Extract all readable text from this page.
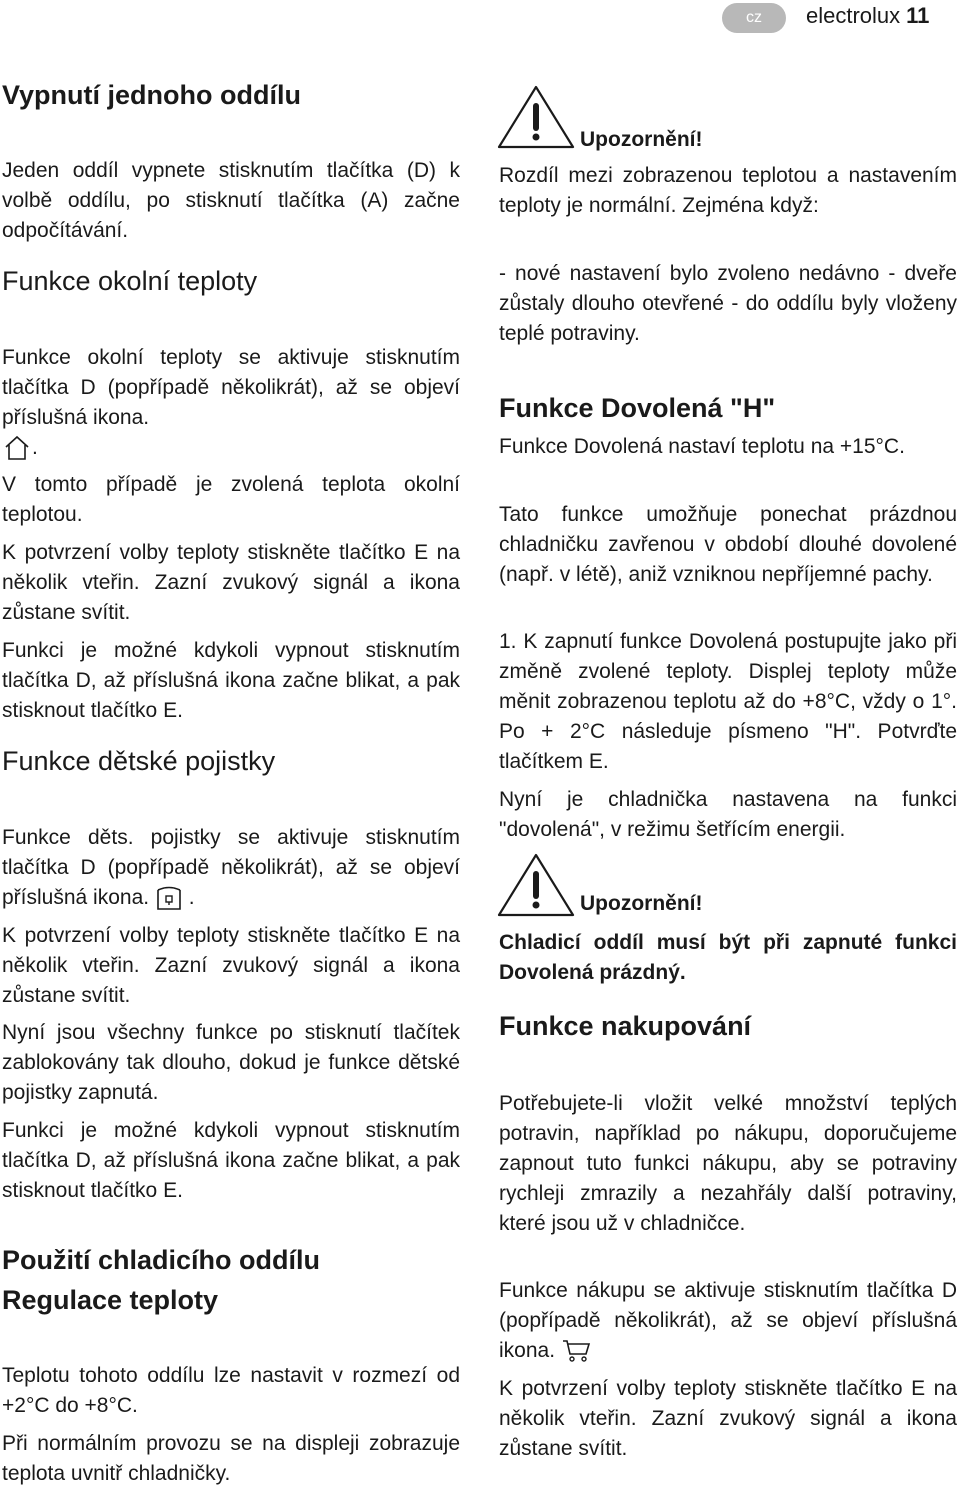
cz	electrolux 11
Vypnutí jednoho oddílu

Jeden oddíl vypnete stisknutím tlačítka (D) k volbě oddílu, po stisknutí tlačítka (A) začne odpočítávání.

Funkce okolní teploty

Funkce okolní teploty se aktivuje stisknutím tlačítka D (popřípadě několikrát), až se objeví příslušná ikona.
.

V tomto případě je zvolená teplota okolní teplotou.

K potvrzení volby teploty stiskněte tlačítko E na několik vteřin. Zazní zvukový signál a ikona zůstane svítit.

Funkci je možné kdykoli vypnout stisknutím tlačítka D, až příslušná ikona začne blikat, a pak stisknout tlačítko E.

Funkce dětské pojistky

Funkce děts. pojistky se aktivuje stisknutím tlačítka D (popřípadě několikrát), až se objeví příslušná ikona. .

K potvrzení volby teploty stiskněte tlačítko E na několik vteřin. Zazní zvukový signál a ikona zůstane svítit.

Nyní jsou všechny funkce po stisknutí tlačítek zablokovány tak dlouho, dokud je funkce dětské pojistky zapnutá.

Funkci je možné kdykoli vypnout stisknutím tlačítka D, až příslušná ikona začne blikat, a pak stisknout tlačítko E.

Použití chladicího oddílu
Regulace teploty

Teplotu tohoto oddílu lze nastavit v rozmezí od +2°C do +8°C.

Při normálním provozu se na displeji zobrazuje teplota uvnitř chladničky.

Upozornění!

Rozdíl mezi zobrazenou teplotou a nastavením teploty je normální. Zejména když:

- nové nastavení bylo zvoleno nedávno - dveře zůstaly dlouho otevřené - do oddílu byly vloženy teplé potraviny.

Funkce Dovolená "H"

Funkce Dovolená nastaví teplotu na +15°C.

Tato funkce umožňuje ponechat prázdnou chladničku zavřenou v období dlouhé dovolené (např. v létě), aniž vzniknou nepříjemné pachy.

1. K zapnutí funkce Dovolená postupujte jako při změně zvolené teploty. Displej teploty může měnit zobrazenou teplotu až do +8°C, vždy o 1°. Po + 2°C následuje písmeno "H". Potvrďte tlačítkem E.

Nyní je chladnička nastavena na funkci "dovolená", v režimu šetřícím energii.

Upozornění!

Chladicí oddíl musí být při zapnuté funkci Dovolená prázdný.

Funkce nakupování

Potřebujete-li vložit velké množství teplých potravin, například po nákupu, doporučujeme zapnout tuto funkci nákupu, aby se potraviny rychleji zmrazily a nezahřály další potraviny, které jsou už v chladničce.

Funkce nákupu se aktivuje stisknutím tlačítka D (popřípadě několikrát), až se objeví příslušná ikona.

K potvrzení volby teploty stiskněte tlačítko E na několik vteřin. Zazní zvukový signál a ikona zůstane svítit.
